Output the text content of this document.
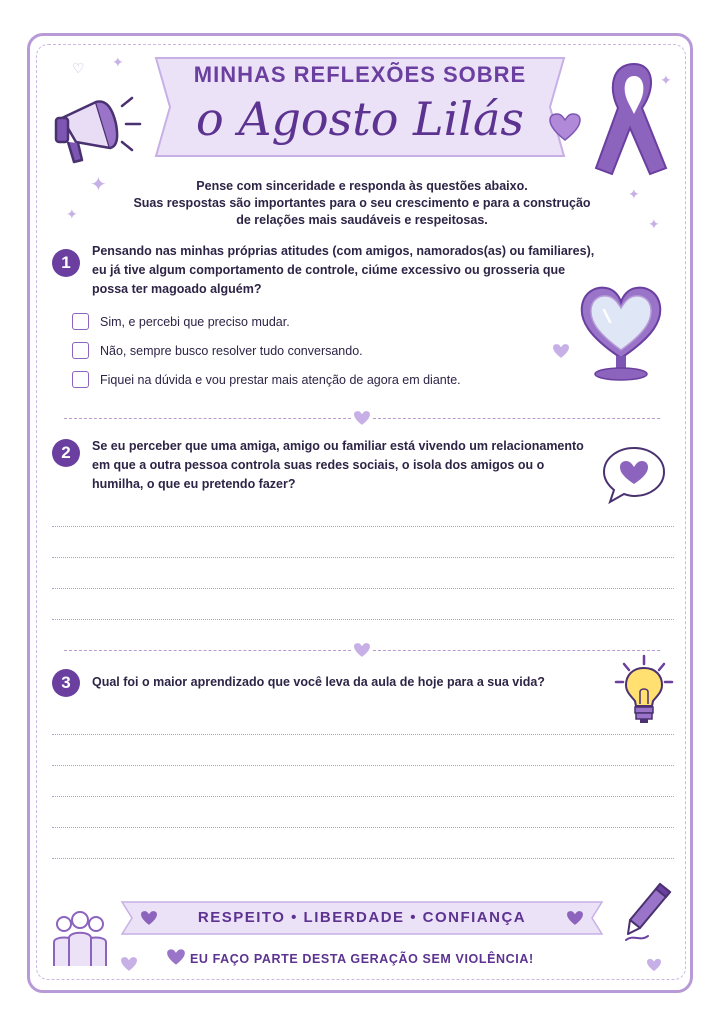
♡ ✦
✦
✦
✦
✦
✦
MINHAS REFLEXÕES SOBRE
o Agosto Lilás
Pense com sinceridade e responda às questões abaixo.
Suas respostas são importantes para o seu crescimento e para a construção
de relações mais saudáveis e respeitosas.
1
Pensando nas minhas próprias atitudes (com amigos, namorados(as) ou familiares),
eu já tive algum comportamento de controle, ciúme excessivo ou grosseria que
possa ter magoado alguém?
Sim, e percebi que preciso mudar.
Não, sempre busco resolver tudo conversando.
Fiquei na dúvida e vou prestar mais atenção de agora em diante.
2	Se eu perceber que uma amiga, amigo ou familiar está vivendo um relacionamento
em que a outra pessoa controla suas redes sociais, o isola dos amigos ou o
humilha, o que eu pretendo fazer?
3	Qual foi o maior aprendizado que você leva da aula de hoje para a sua vida?
RESPEITO • LIBERDADE • CONFIANÇA
EU FAÇO PARTE DESTA GERAÇÃO SEM VIOLÊNCIA!
